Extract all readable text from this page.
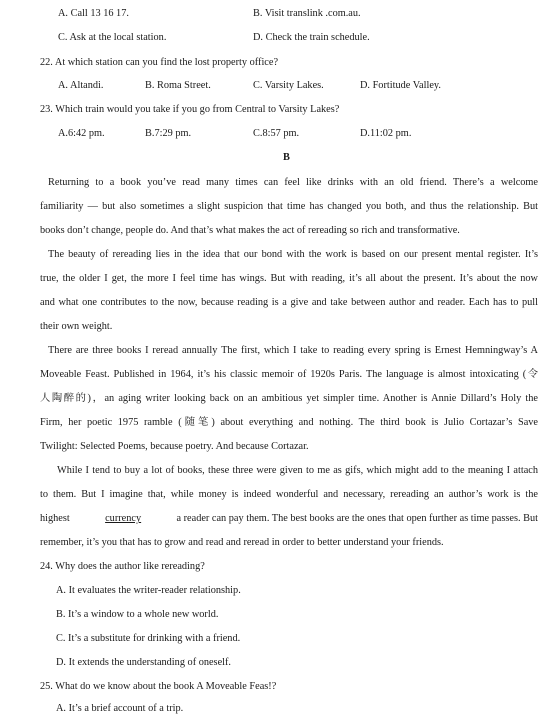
A. Call 13 16 17.	B. Visit translink .com.au.
C. Ask at the local station.	D. Check the train schedule.
22. At which station can you find the lost property office?
A. Altandi.	B. Roma Street.	C. Varsity Lakes.	D. Fortitude Valley.
23. Which train would you take if you go from Central to Varsity Lakes?
A.6:42 pm.	B.7:29 pm.	C.8:57 pm.	D.11:02 pm.
B
Returning to a book you’ve read many times can feel like drinks with an old friend. There’s a welcome
familiarity — but also sometimes a slight suspicion that time has changed you both, and thus the relationship. But
books don’t change, people do. And that’s what makes the act of rereading so rich and transformative.
The beauty of rereading lies in the idea that our bond with the work is based on our present mental register. It’s
true, the older I get, the more I feel time has wings. But with reading, it’s all about the present. It’s about the now
and what one contributes to the now, because reading is a give and take between author and reader. Each has to pull
their own weight.
There are three books I reread annually The first, which I take to reading every spring is Ernest Hemningway’s A
Moveable Feast. Published in 1964, it’s his classic memoir of 1920s Paris. The language is almost intoxicating (令
人陶醉的)，an aging writer looking back on an ambitious yet simpler time. Another is Annie Dillard’s Holy the
Firm, her poetic 1975 ramble (随笔) about everything and nothing. The third book is Julio Cortazar’s Save
Twilight: Selected Poems, because poetry. And because Cortazar.
While I tend to buy a lot of books, these three were given to me as gifs, which might add to the meaning I attach
to them. But I imagine that, while money is indeed wonderful and necessary, rereading an author’s work is the
highest	currency	a reader can pay them. The best books are the ones that open further as time passes. But
remember, it’s you that has to grow and read and reread in order to better understand your friends.
24. Why does the author like rereading?
A. It evaluates the writer-reader relationship.
B. It’s a window to a whole new world.
C. It’s a substitute for drinking with a friend.
D. It extends the understanding of oneself.
25. What do we know about the book A Moveable Feas!?
A. It’s a brief account of a trip.
